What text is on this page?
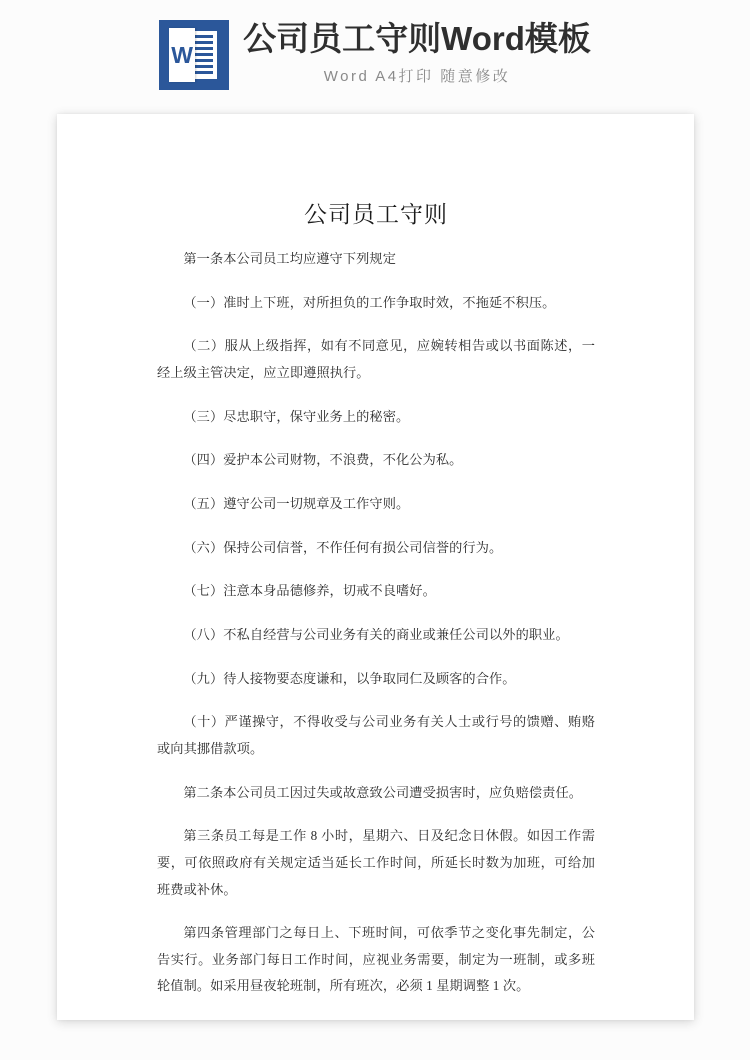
W 公司员工守则Word模板
Word A4打印 随意修改
公司员工守则

第一条本公司员工均应遵守下列规定

（一）准时上下班，对所担负的工作争取时效，不拖延不积压。

（二）服从上级指挥，如有不同意见，应婉转相告或以书面陈述，一经上级主管决定，应立即遵照执行。

（三）尽忠职守，保守业务上的秘密。

（四）爱护本公司财物，不浪费，不化公为私。

（五）遵守公司一切规章及工作守则。

（六）保持公司信誉，不作任何有损公司信誉的行为。

（七）注意本身品德修养，切戒不良嗜好。

（八）不私自经营与公司业务有关的商业或兼任公司以外的职业。

（九）待人接物要态度谦和，以争取同仁及顾客的合作。

（十）严谨操守，不得收受与公司业务有关人士或行号的馈赠、贿赂或向其挪借款项。

第二条本公司员工因过失或故意致公司遭受损害时，应负赔偿责任。

第三条员工每是工作 8 小时，星期六、日及纪念日休假。如因工作需要，可依照政府有关规定适当延长工作时间，所延长时数为加班，可给加班费或补休。

第四条管理部门之每日上、下班时间，可依季节之变化事先制定，公告实行。业务部门每日工作时间，应视业务需要，制定为一班制，或多班轮值制。如采用昼夜轮班制，所有班次，必须 1 星期调整 1 次。
